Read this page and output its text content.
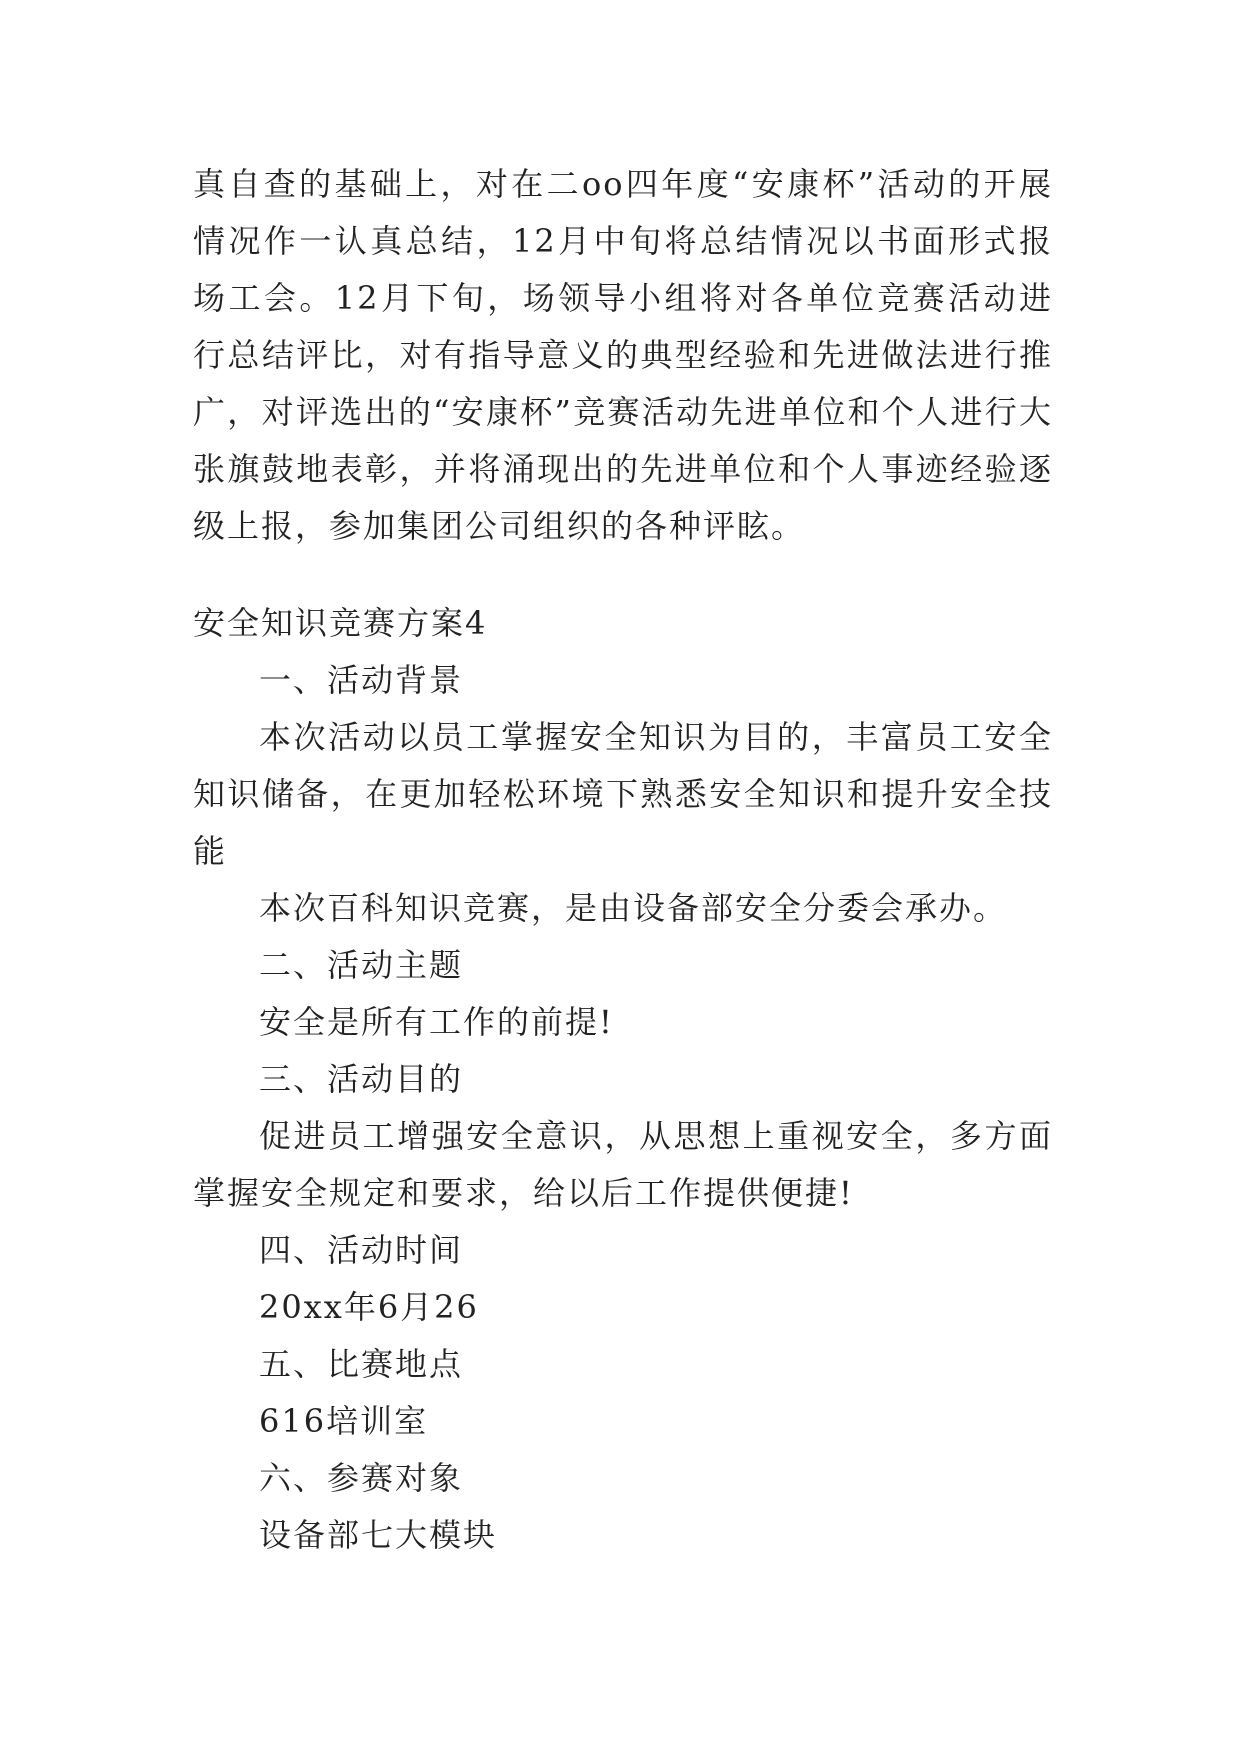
真自查的基础上，对在二oo四年度“安康杯”活动的开展情况作一认真总结，12月中旬将总结情况以书面形式报场工会。12月下旬，场领导小组将对各单位竞赛活动进行总结评比，对有指导意义的典型经验和先进做法进行推广，对评选出的“安康杯”竞赛活动先进单位和个人进行大张旗鼓地表彰，并将涌现出的先进单位和个人事迹经验逐级上报，参加集团公司组织的各种评眩。

安全知识竞赛方案4

一、活动背景

本次活动以员工掌握安全知识为目的，丰富员工安全知识储备，在更加轻松环境下熟悉安全知识和提升安全技能

本次百科知识竞赛，是由设备部安全分委会承办。

二、活动主题

安全是所有工作的前提!

三、活动目的

促进员工增强安全意识，从思想上重视安全，多方面掌握安全规定和要求，给以后工作提供便捷!

四、活动时间

20xx年6月26

五、比赛地点

616培训室

六、参赛对象

设备部七大模块
